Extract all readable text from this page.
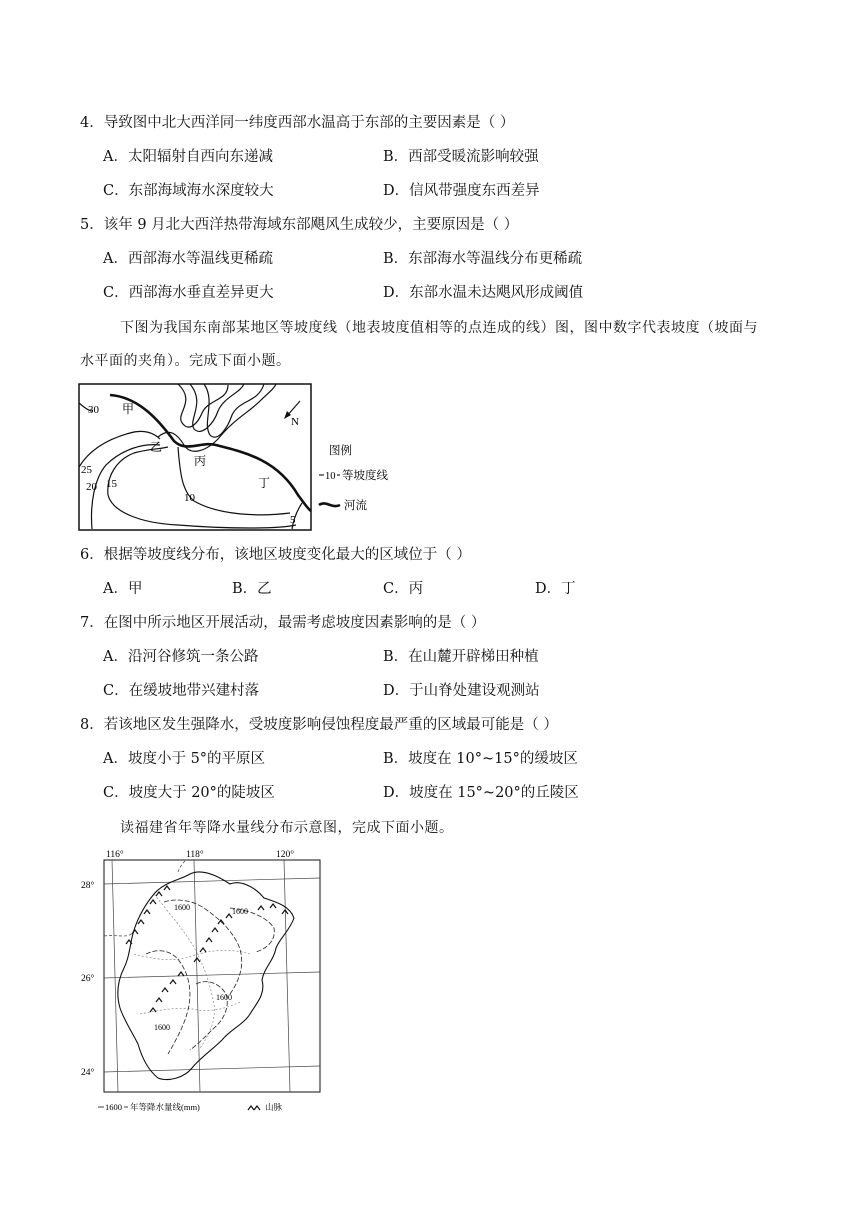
4．导致图中北大西洋同一纬度西部水温高于东部的主要因素是（ ）
A．太阳辐射自西向东递减	B．西部受暖流影响较强
C．东部海域海水深度较大	D．信风带强度东西差异
5．该年 9 月北大西洋热带海域东部飓风生成较少，主要原因是（ ）
A．西部海水等温线更稀疏	B．东部海水等温线分布更稀疏
C．西部海水垂直差异更大	D．东部水温未达飓风形成阈值
下图为我国东南部某地区等坡度线（地表坡度值相等的点连成的线）图，图中数字代表坡度（坡面与
水平面的夹角）。完成下面小题。
N
甲
乙
丙
丁
30
25
20 15
10
5
图例
10 等坡度线
河流
6．根据等坡度线分布，该地区坡度变化最大的区域位于（ ）
A．甲	B．乙	C．丙	D．丁
7．在图中所示地区开展活动，最需考虑坡度因素影响的是（ ）
A．沿河谷修筑一条公路	B．在山麓开辟梯田种植
C．在缓坡地带兴建村落	D．于山脊处建设观测站
8．若该地区发生强降水，受坡度影响侵蚀程度最严重的区域最可能是（ ）
A．坡度小于 5°的平原区	B．坡度在 10°~15°的缓坡区
C．坡度大于 20°的陡坡区	D．坡度在 15°~20°的丘陵区
读福建省年等降水量线分布示意图，完成下面小题。
116°	118°	120°
28°
26°
24°
1600
1600
1600
1600
1600 年等降水量线(mm)	山脉
